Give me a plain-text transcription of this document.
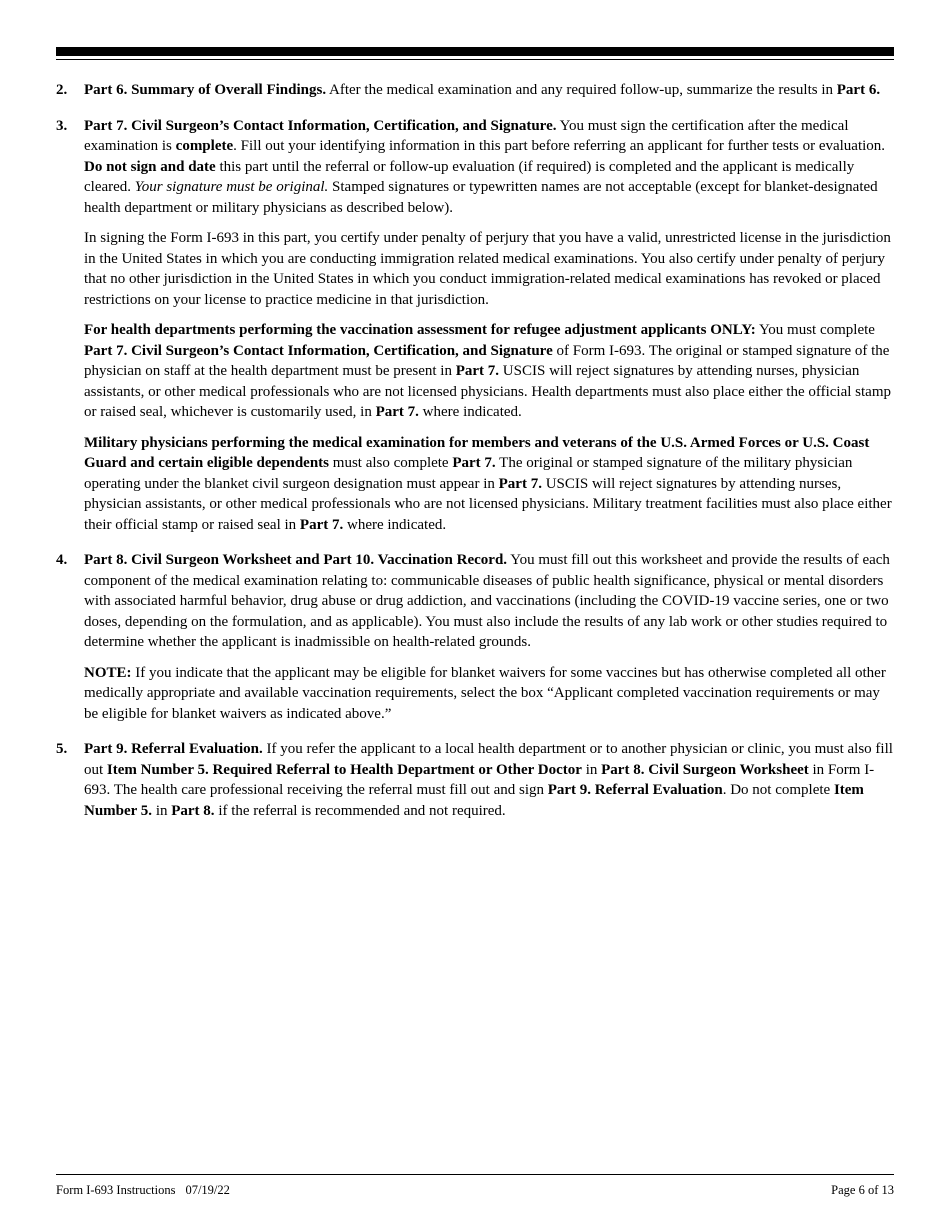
2.	Part 6. Summary of Overall Findings. After the medical examination and any required follow-up, summarize the results in Part 6.

3.	Part 7. Civil Surgeon’s Contact Information, Certification, and Signature. You must sign the certification after the medical examination is complete. Fill out your identifying information in this part before referring an applicant for further tests or evaluation. Do not sign and date this part until the referral or follow-up evaluation (if required) is completed and the applicant is medically cleared. Your signature must be original. Stamped signatures or typewritten names are not acceptable (except for blanket-designated health department or military physicians as described below).

In signing the Form I-693 in this part, you certify under penalty of perjury that you have a valid, unrestricted license in the jurisdiction in the United States in which you are conducting immigration related medical examinations. You also certify under penalty of perjury that no other jurisdiction in the United States in which you conduct immigration-related medical examinations has revoked or placed restrictions on your license to practice medicine in that jurisdiction.

For health departments performing the vaccination assessment for refugee adjustment applicants ONLY: You must complete Part 7. Civil Surgeon’s Contact Information, Certification, and Signature of Form I-693. The original or stamped signature of the physician on staff at the health department must be present in Part 7. USCIS will reject signatures by attending nurses, physician assistants, or other medical professionals who are not licensed physicians. Health departments must also place either the official stamp or raised seal, whichever is customarily used, in Part 7. where indicated.

Military physicians performing the medical examination for members and veterans of the U.S. Armed Forces or U.S. Coast Guard and certain eligible dependents must also complete Part 7. The original or stamped signature of the military physician operating under the blanket civil surgeon designation must appear in Part 7. USCIS will reject signatures by attending nurses, physician assistants, or other medical professionals who are not licensed physicians. Military treatment facilities must also place either their official stamp or raised seal in Part 7. where indicated.

4.	Part 8. Civil Surgeon Worksheet and Part 10. Vaccination Record. You must fill out this worksheet and provide the results of each component of the medical examination relating to: communicable diseases of public health significance, physical or mental disorders with associated harmful behavior, drug abuse or drug addiction, and vaccinations (including the COVID-19 vaccine series, one or two doses, depending on the formulation, and as applicable). You must also include the results of any lab work or other studies required to determine whether the applicant is inadmissible on health-related grounds.

NOTE: If you indicate that the applicant may be eligible for blanket waivers for some vaccines but has otherwise completed all other medically appropriate and available vaccination requirements, select the box “Applicant completed vaccination requirements or may be eligible for blanket waivers as indicated above.”

5.	Part 9. Referral Evaluation. If you refer the applicant to a local health department or to another physician or clinic, you must also fill out Item Number 5. Required Referral to Health Department or Other Doctor in Part 8. Civil Surgeon Worksheet in Form I-693. The health care professional receiving the referral must fill out and sign Part 9. Referral Evaluation. Do not complete Item Number 5. in Part 8. if the referral is recommended and not required.

Form I-693 Instructions 07/19/22	Page 6 of 13
